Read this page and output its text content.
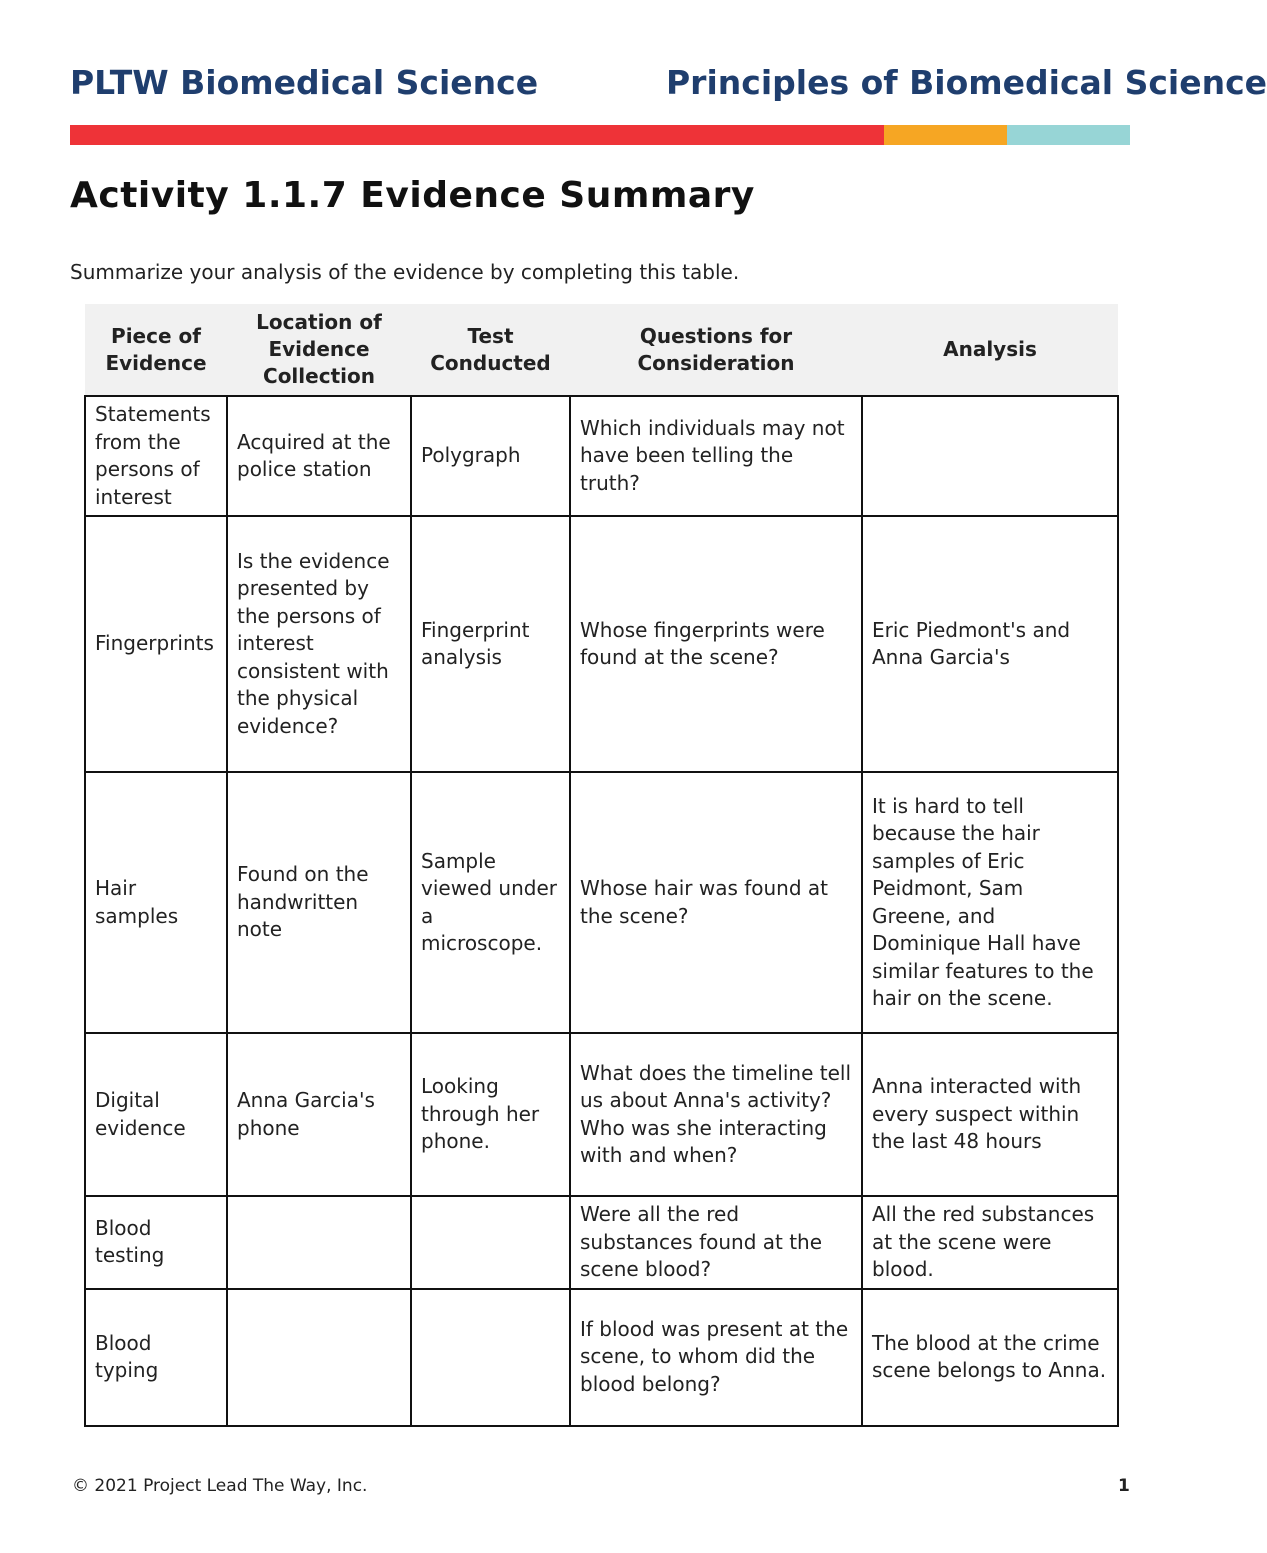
PLTW Biomedical Science	Principles of Biomedical Science
Activity 1.1.7 Evidence Summary

Summarize your analysis of the evidence by completing this table.

Piece of Evidence	Location of Evidence Collection	Test Conducted	Questions for Consideration	Analysis
Statements from the persons of interest	Acquired at the police station	Polygraph	Which individuals may not have been telling the truth?	
Fingerprints	Is the evidence presented by the persons of interest consistent with the physical evidence?	Fingerprint analysis	Whose fingerprints were found at the scene?	Eric Piedmont's and Anna Garcia's
Hair samples	Found on the handwritten note	Sample viewed under a microscope.	Whose hair was found at the scene?	It is hard to tell because the hair samples of Eric Peidmont, Sam Greene, and Dominique Hall have similar features to the hair on the scene.
Digital evidence	Anna Garcia's phone	Looking through her phone.	What does the timeline tell us about Anna's activity? Who was she interacting with and when?	Anna interacted with every suspect within the last 48 hours
Blood testing			Were all the red substances found at the scene blood?	All the red substances at the scene were blood.
Blood typing			If blood was present at the scene, to whom did the blood belong?	The blood at the crime scene belongs to Anna.
© 2021 Project Lead The Way, Inc.	1
